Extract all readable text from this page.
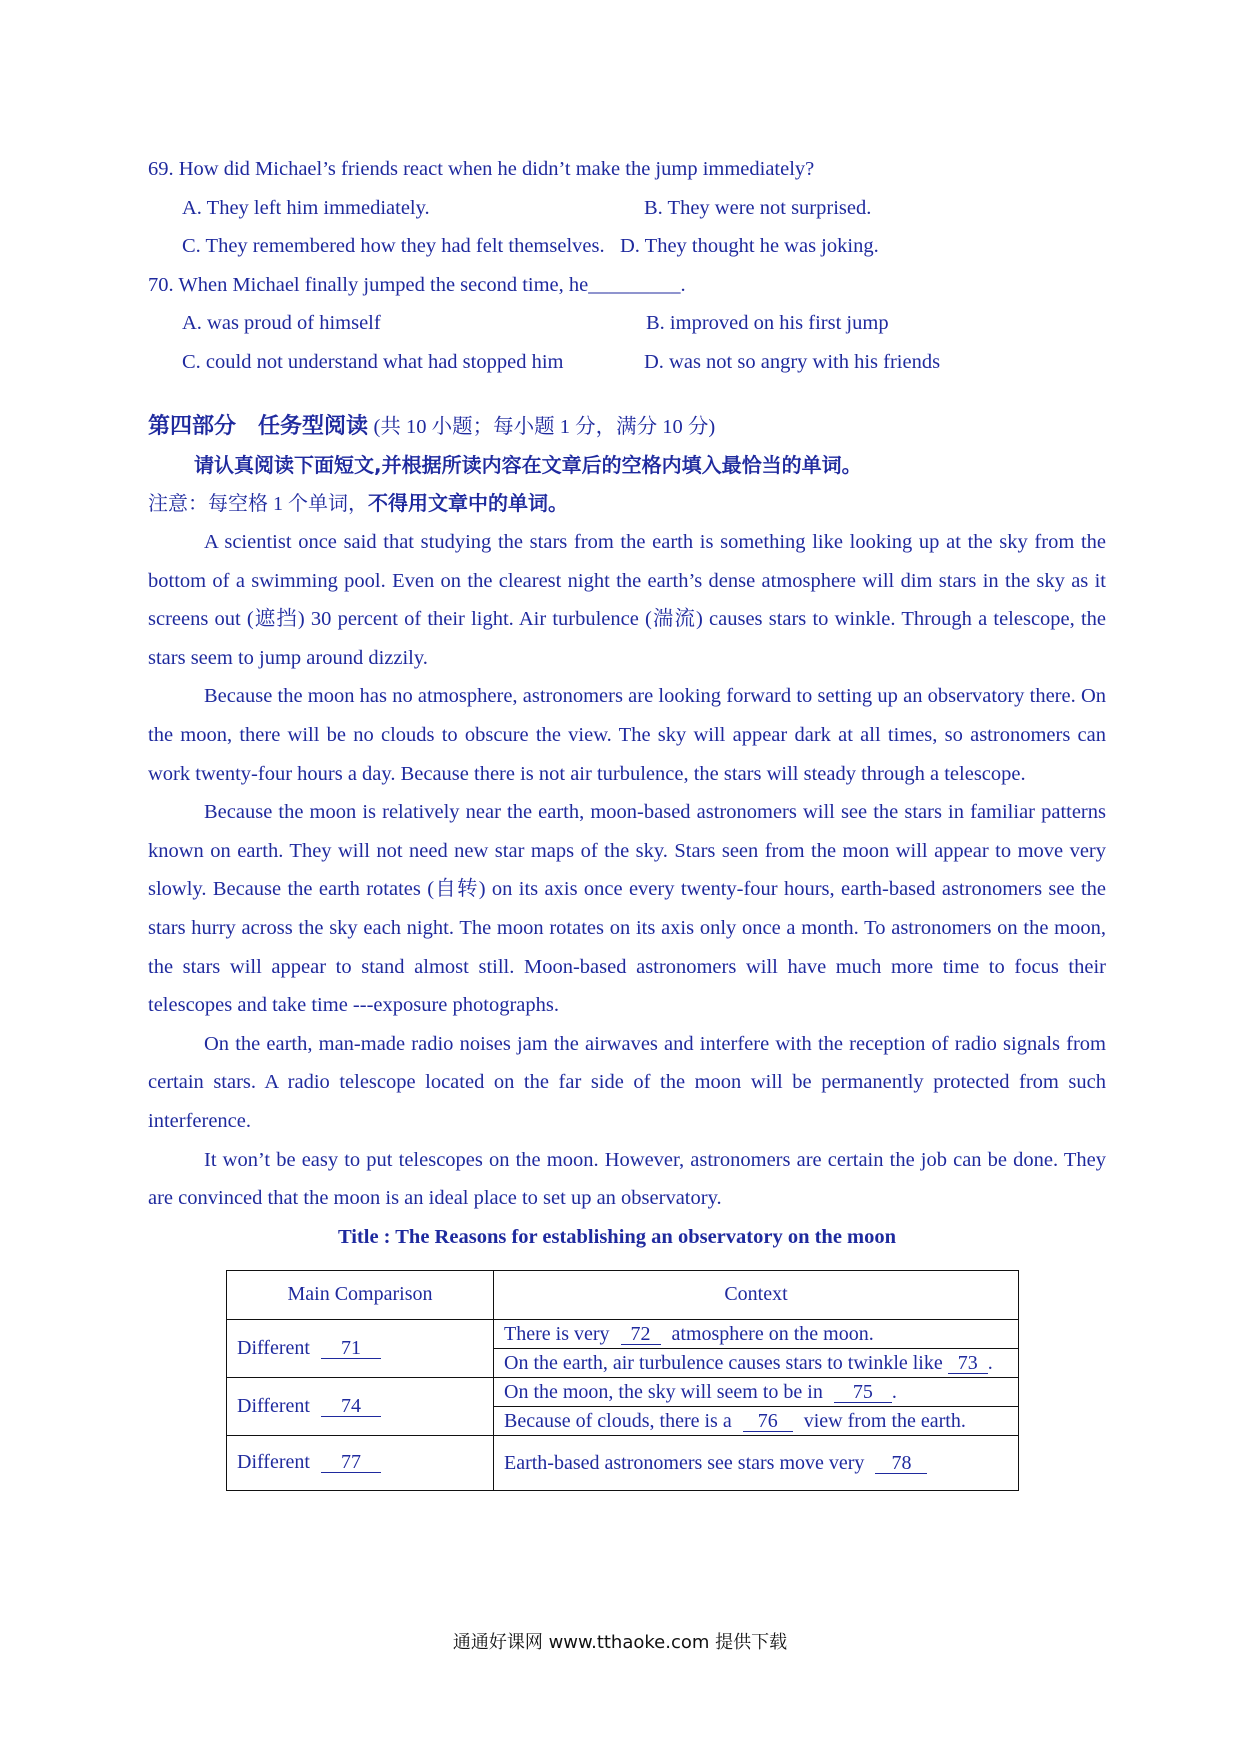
69. How did Michael’s friends react when he didn’t make the jump immediately?
A. They left him immediately.	B. They were not surprised.
C. They remembered how they had felt themselves. D. They thought he was joking.
70. When Michael finally jumped the second time, he_________.
A. was proud of himself	B. improved on his first jump
C. could not understand what had stopped him	D. was not so angry with his friends
第四部分　任务型阅读 (共 10 小题；每小题 1 分，满分 10 分)
请认真阅读下面短文,并根据所读内容在文章后的空格内填入最恰当的单词。
注意：每空格 1 个单词，不得用文章中的单词。

A scientist once said that studying the stars from the earth is something like looking up at the sky from the bottom of a swimming pool. Even on the clearest night the earth’s dense atmosphere will dim stars in the sky as it screens out (遮挡) 30 percent of their light. Air turbulence (湍流) causes stars to winkle. Through a telescope, the stars seem to jump around dizzily.

Because the moon has no atmosphere, astronomers are looking forward to setting up an observatory there. On the moon, there will be no clouds to obscure the view. The sky will appear dark at all times, so astronomers can work twenty-four hours a day. Because there is not air turbulence, the stars will steady through a telescope.

Because the moon is relatively near the earth, moon-based astronomers will see the stars in familiar patterns known on earth. They will not need new star maps of the sky. Stars seen from the moon will appear to move very slowly. Because the earth rotates (自转) on its axis once every twenty-four hours, earth-based astronomers see the stars hurry across the sky each night. The moon rotates on its axis only once a month. To astronomers on the moon, the stars will appear to stand almost still. Moon-based astronomers will have much more time to focus their telescopes and take time ---exposure photographs.

On the earth, man-made radio noises jam the airwaves and interfere with the reception of radio signals from certain stars. A radio telescope located on the far side of the moon will be permanently protected from such interference.

It won’t be easy to put telescopes on the moon. However, astronomers are certain the job can be done. They are convinced that the moon is an ideal place to set up an observatory.

Title : The Reasons for establishing an observatory on the moon
Main Comparison	Context
Different 71	There is very 72 atmosphere on the moon.
	On the earth, air turbulence causes stars to twinkle like 73 .
Different 74	On the moon, the sky will seem to be in 75 .
	Because of clouds, there is a 76 view from the earth.
Different 77	Earth-based astronomers see stars move very 78
通通好课网 www.tthaoke.com 提供下载
